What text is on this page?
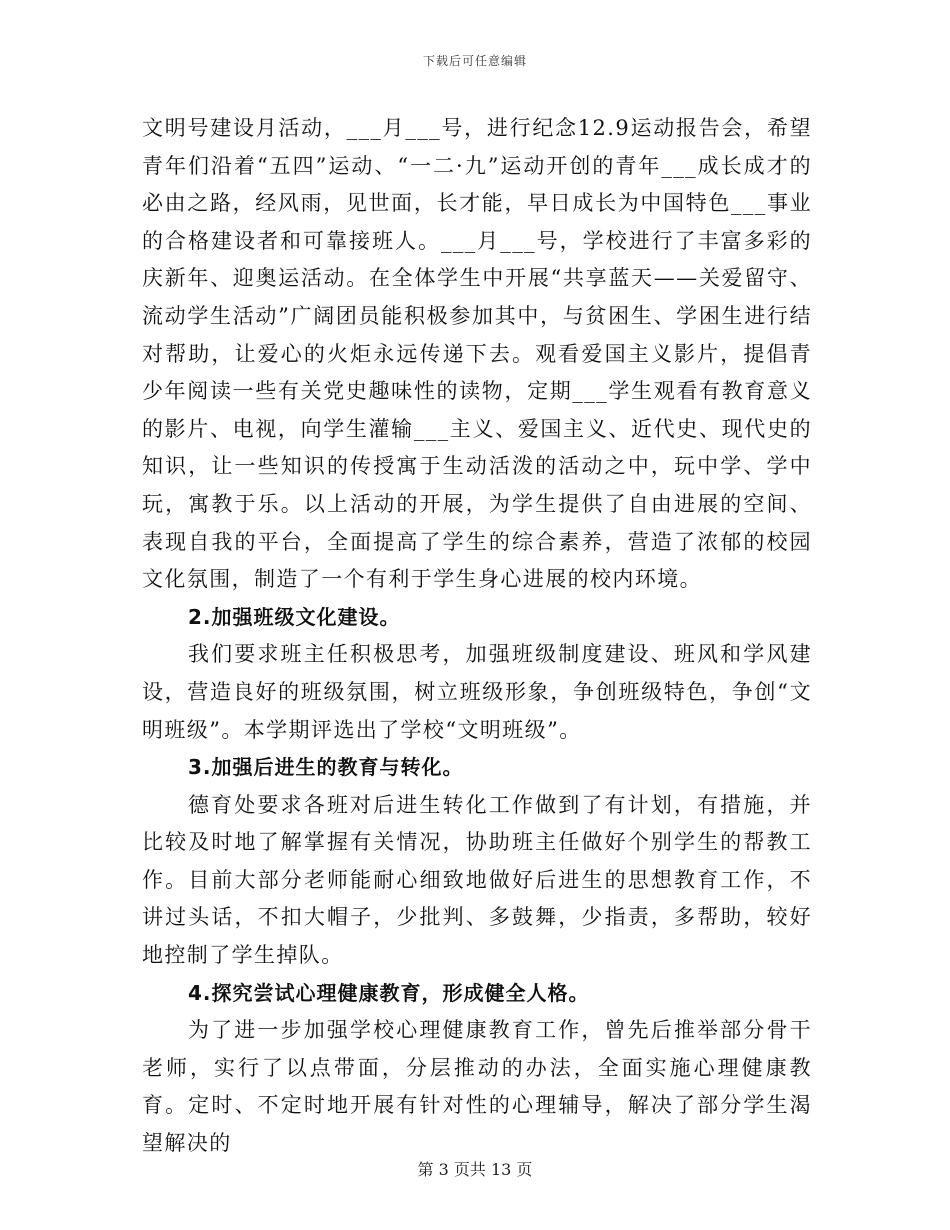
下载后可任意编辑

文明号建设月活动，___月___号，进行纪念12.9运动报告会，希望青年们沿着“五四”运动、“一二·九”运动开创的青年___成长成才的必由之路，经风雨，见世面，长才能，早日成长为中国特色___事业的合格建设者和可靠接班人。___月___号，学校进行了丰富多彩的庆新年、迎奥运活动。在全体学生中开展“共享蓝天——关爱留守、流动学生活动”广阔团员能积极参加其中，与贫困生、学困生进行结对帮助，让爱心的火炬永远传递下去。观看爱国主义影片，提倡青少年阅读一些有关党史趣味性的读物，定期___学生观看有教育意义的影片、电视，向学生灌输___主义、爱国主义、近代史、现代史的知识，让一些知识的传授寓于生动活泼的活动之中，玩中学、学中玩，寓教于乐。以上活动的开展，为学生提供了自由进展的空间、表现自我的平台，全面提高了学生的综合素养，营造了浓郁的校园文化氛围，制造了一个有利于学生身心进展的校内环境。

2.加强班级文化建设。

我们要求班主任积极思考，加强班级制度建设、班风和学风建设，营造良好的班级氛围，树立班级形象，争创班级特色，争创“文明班级”。本学期评选出了学校“文明班级”。

3.加强后进生的教育与转化。

德育处要求各班对后进生转化工作做到了有计划，有措施，并比较及时地了解掌握有关情况，协助班主任做好个别学生的帮教工作。目前大部分老师能耐心细致地做好后进生的思想教育工作，不讲过头话，不扣大帽子，少批判、多鼓舞，少指责，多帮助，较好地控制了学生掉队。

4.探究尝试心理健康教育，形成健全人格。

为了进一步加强学校心理健康教育工作，曾先后推举部分骨干老师，实行了以点带面，分层推动的办法，全面实施心理健康教育。定时、不定时地开展有针对性的心理辅导，解决了部分学生渴望解决的

第 3 页共 13 页
